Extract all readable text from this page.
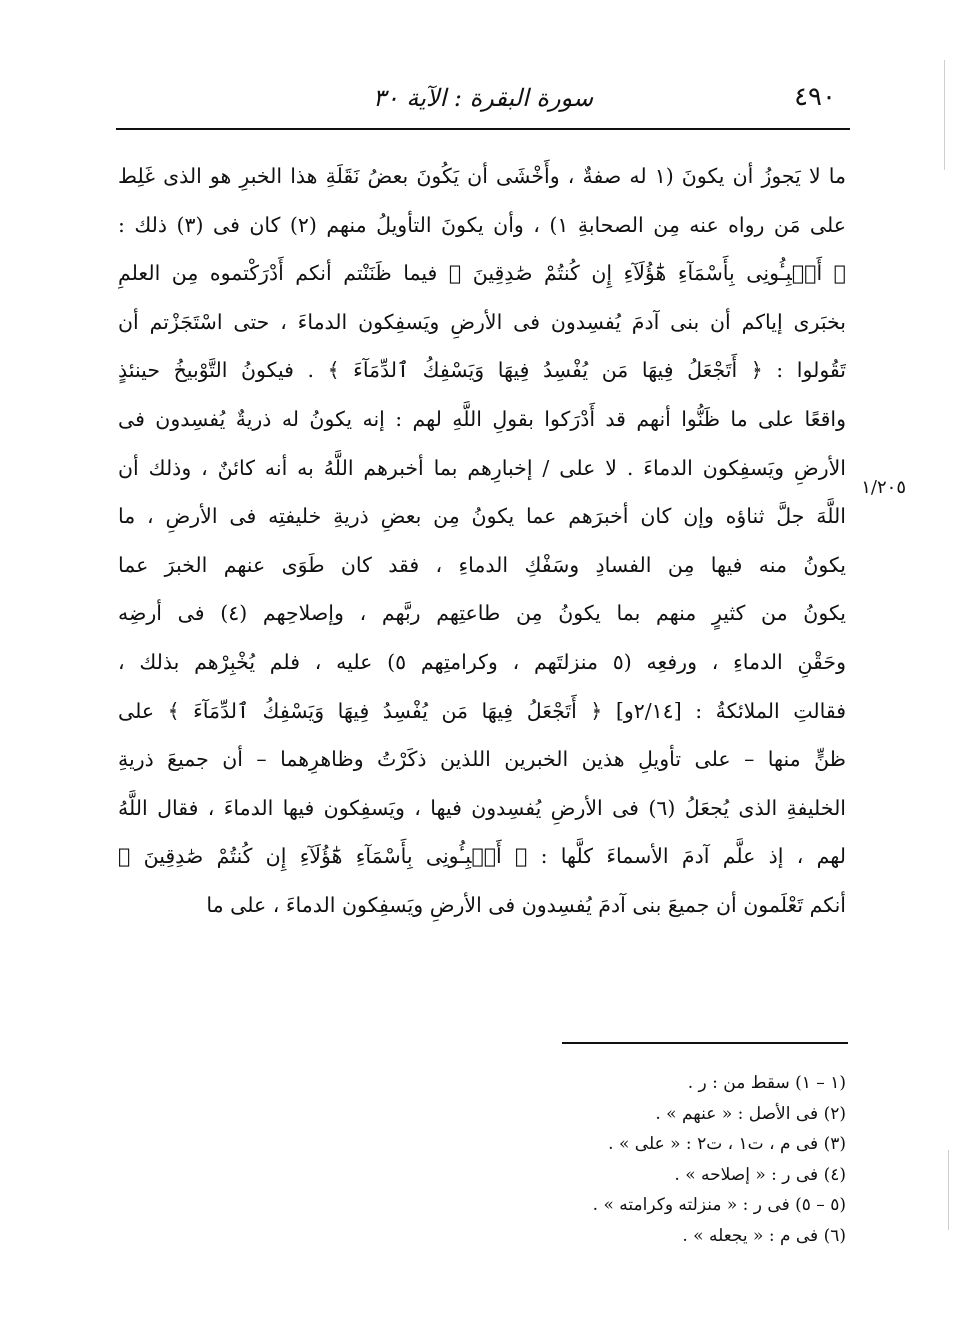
٤٩٠
سورة البقرة : الآية ٣٠
١/٢٠٥
ما لا يَجوزُ أن يكونَ (١ له صفةٌ ، وأَخْشَى أن يَكُونَ بعضُ نَقَلَةِ هذا الخبرِ هو الذى غَلِط
على مَن رواه عنه مِن الصحابةِ ١) ، وأن يكونَ التأويلُ منهم (٢) كان فى (٣) ذلك :
﴿ أَنۢبِـُٔونِى بِأَسْمَآءِ هَٰٓؤُلَآءِ إِن كُنتُمْ صَٰدِقِينَ ﴾ فيما ظَنَنْتم أنكم أَدْرَكْتموه مِن العلمِ
بخبَرى إياكم أن بنى آدمَ يُفسِدون فى الأرضِ ويَسفِكون الدماءَ ، حتى اسْتَجَزْتم أن
تَقُولوا : ﴿ أَتَجْعَلُ فِيهَا مَن يُفْسِدُ فِيهَا وَيَسْفِكُ ٱلدِّمَآءَ ﴾ . فيكونُ التَّوْبيخُ حينئذٍ
واقعًا على ما ظَنُّوا أنهم قد أَدْرَكوا بقولِ اللَّهِ لهم : إنه يكونُ له ذريةٌ يُفسِدون فى
الأرضِ ويَسفِكون الدماءَ . لا على / إخبارِهم بما أخبرهم اللَّهُ به أنه كائنٌ ، وذلك أن
اللَّهَ جلَّ ثناؤه وإن كان أخبرَهم عما يكونُ مِن بعضِ ذريةِ خليفتِه فى الأرضِ ، ما
يكونُ منه فيها مِن الفسادِ وسَفْكِ الدماءِ ، فقد كان طَوَى عنهم الخبرَ عما
يكونُ من كثيرٍ منهم بما يكونُ مِن طاعتِهم ربَّهم ، وإصلاحِهم (٤) فى أرضِه
وحَقْنِ الدماءِ ، ورفعِه (٥ منزلتَهم ، وكرامتِهم ٥) عليه ، فلم يُخْبِرْهم بذلك ،
فقالتِ الملائكةُ : [٢/١٤و] ﴿ أَتَجْعَلُ فِيهَا مَن يُفْسِدُ فِيهَا وَيَسْفِكُ ٱلدِّمَآءَ ﴾ على
ظنٍّ منها – على تأويلِ هذين الخبرين اللذين ذكَرْتُ وظاهرِهما – أن جميعَ ذريةِ
الخليفةِ الذى يُجعَلُ (٦) فى الأرضِ يُفسِدون فيها ، ويَسفِكون فيها الدماءَ ، فقال اللَّهُ
لهم ، إذ علَّم آدمَ الأسماءَ كلَّها : ﴿ أَنۢبِـُٔونِى بِأَسْمَآءِ هَٰٓؤُلَآءِ إِن كُنتُمْ صَٰدِقِينَ ﴾
أنكم تَعْلَمون أن جميعَ بنى آدمَ يُفسِدون فى الأرضِ ويَسفِكون الدماءَ ، على ما
(١ – ١) سقط من : ر .
(٢) فى الأصل : « عنهم » .
(٣) فى م ، ت١ ، ت٢ : « على » .
(٤) فى ر : « إصلاحه » .
(٥ – ٥) فى ر : « منزلته وكرامته » .
(٦) فى م : « يجعله » .
